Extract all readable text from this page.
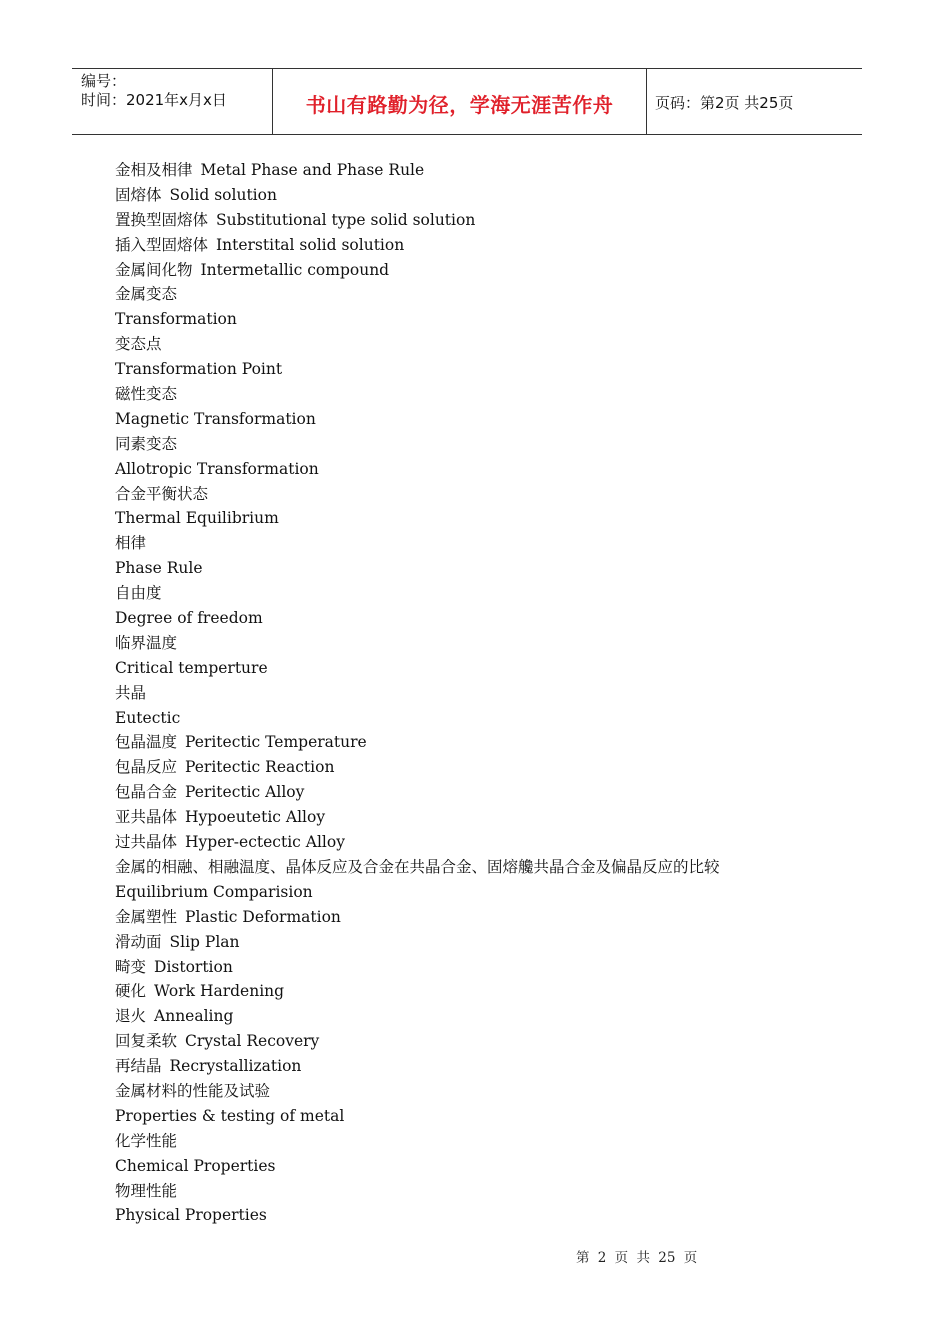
编号：
时间：2021年x月x日	书山有路勤为径，学海无涯苦作舟	页码：第2页 共25页
金相及相律 Metal Phase and Phase Rule
固熔体 Solid solution
置换型固熔体 Substitutional type solid solution
插入型固熔体 Interstital solid solution
金属间化物 Intermetallic compound
金属变态
Transformation
变态点
Transformation Point
磁性变态
Magnetic Transformation
同素变态
Allotropic Transformation
合金平衡状态
Thermal Equilibrium
相律
Phase Rule
自由度
Degree of freedom
临界温度
Critical temperture
共晶
Eutectic
包晶温度 Peritectic Temperature
包晶反应 Peritectic Reaction
包晶合金 Peritectic Alloy
亚共晶体 Hypoeutetic Alloy
过共晶体 Hyper-ectectic Alloy
金属的相融、相融温度、晶体反应及合金在共晶合金、固熔艬共晶合金及偏晶反应的比较
Equilibrium Comparision
金属塑性 Plastic Deformation
滑动面 Slip Plan
畸变 Distortion
硬化 Work Hardening
退火 Annealing
回复柔软 Crystal Recovery
再结晶 Recrystallization
金属材料的性能及试验
Properties & testing of metal
化学性能
Chemical Properties
物理性能
Physical Properties
第 2 页 共 25 页
